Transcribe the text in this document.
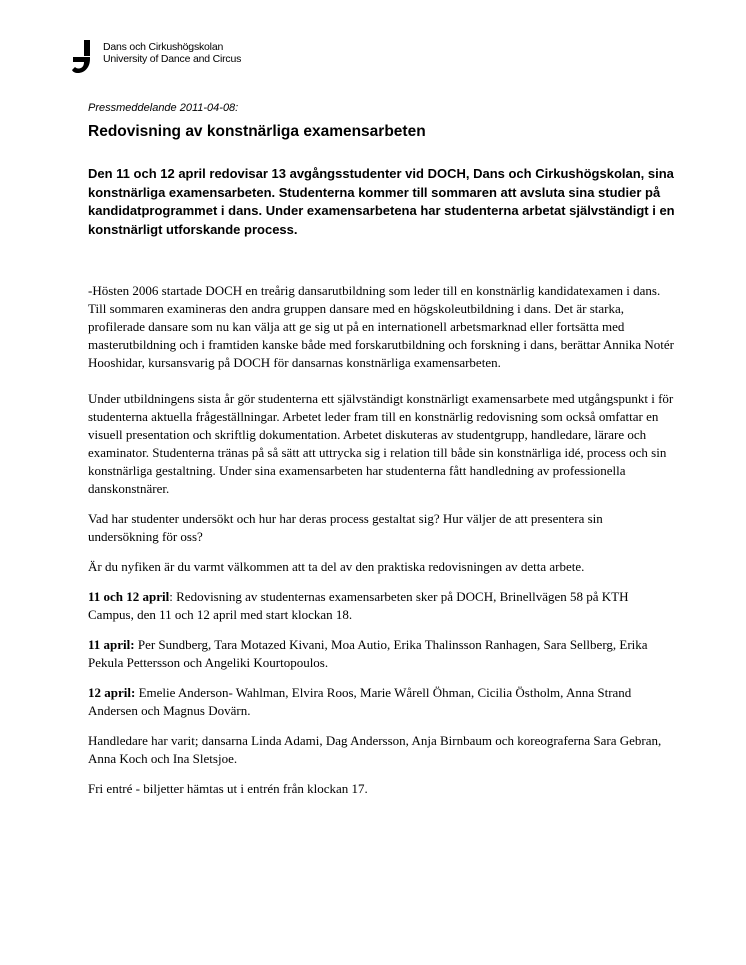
Dans och Cirkushögskolan
University of Dance and Circus
Pressmeddelande 2011-04-08:
Redovisning av konstnärliga examensarbeten

Den 11 och 12 april redovisar 13 avgångsstudenter vid DOCH, Dans och Cirkushögskolan, sina konstnärliga examensarbeten. Studenterna kommer till sommaren att avsluta sina studier på kandidatprogrammet i dans. Under examensarbetena har studenterna arbetat självständigt i en konstnärligt utforskande process.

-Hösten 2006 startade DOCH en treårig dansarutbildning som leder till en konstnärlig kandidatexamen i dans. Till sommaren examineras den andra gruppen dansare med en högskoleutbildning i dans. Det är starka, profilerade dansare som nu kan välja att ge sig ut på en internationell arbetsmarknad eller fortsätta med masterutbildning och i framtiden kanske både med forskarutbildning och forskning i dans, berättar Annika Notér Hooshidar, kursansvarig på DOCH för dansarnas konstnärliga examensarbeten.

Under utbildningens sista år gör studenterna ett självständigt konstnärligt examensarbete med utgångspunkt i för studenterna aktuella frågeställningar. Arbetet leder fram till en konstnärlig redovisning som också omfattar en visuell presentation och skriftlig dokumentation. Arbetet diskuteras av studentgrupp, handledare, lärare och examinator. Studenterna tränas på så sätt att uttrycka sig i relation till både sin konstnärliga idé, process och sin konstnärliga gestaltning. Under sina examensarbeten har studenterna fått handledning av professionella danskonstnärer.

Vad har studenter undersökt och hur har deras process gestaltat sig? Hur väljer de att presentera sin undersökning för oss?

Är du nyfiken är du varmt välkommen att ta del av den praktiska redovisningen av detta arbete.

11 och 12 april: Redovisning av studenternas examensarbeten sker på DOCH, Brinellvägen 58 på KTH Campus, den 11 och 12 april med start klockan 18.

11 april: Per Sundberg, Tara Motazed Kivani, Moa Autio, Erika Thalinsson Ranhagen, Sara Sellberg, Erika Pekula Pettersson och Angeliki Kourtopoulos.

12 april: Emelie Anderson- Wahlman, Elvira Roos, Marie Wårell Öhman, Cicilia Östholm, Anna Strand Andersen och Magnus Dovärn.

Handledare har varit; dansarna Linda Adami, Dag Andersson, Anja Birnbaum och koreograferna Sara Gebran, Anna Koch och Ina Sletsjoe.

Fri entré - biljetter hämtas ut i entrén från klockan 17.
